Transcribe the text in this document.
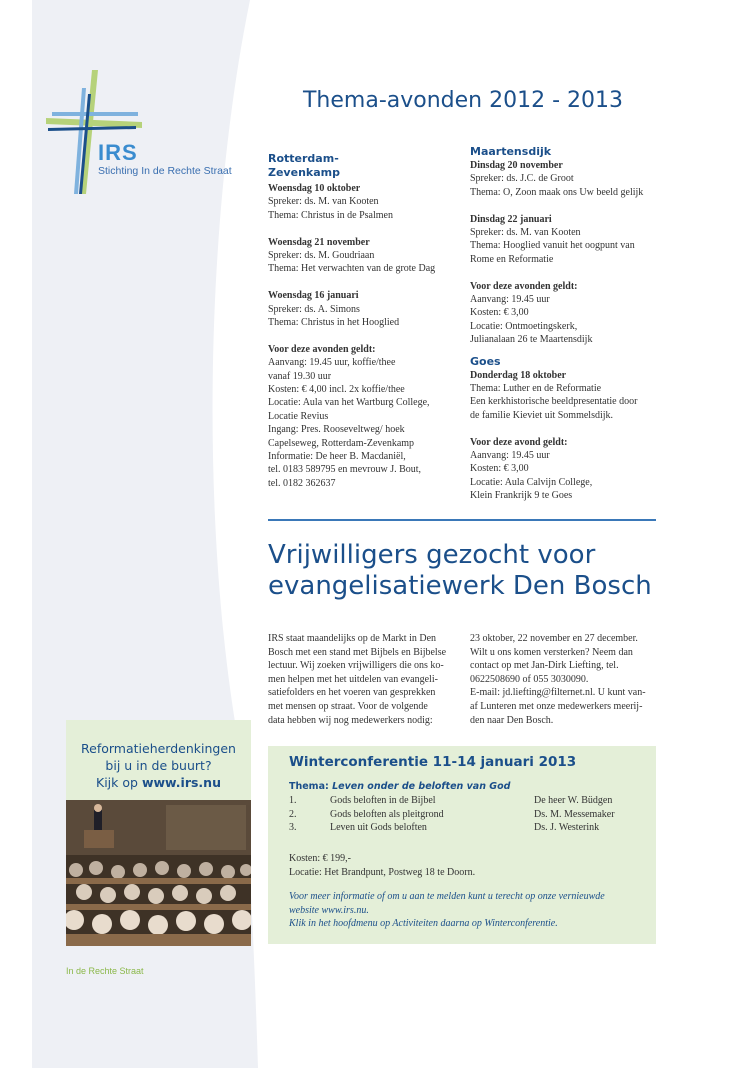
IRS
Stichting In de Rechte Straat
Thema-avonden 2012 - 2013
Rotterdam-
Zevenkamp

Woensdag 10 oktober

Spreker: ds. M. van Kooten

Thema: Christus in de Psalmen

Woensdag 21 november

Spreker: ds. M. Goudriaan

Thema: Het verwachten van de grote Dag

Woensdag 16 januari

Spreker: ds. A. Simons

Thema: Christus in het Hooglied

Voor deze avonden geldt:

Aanvang: 19.45 uur, koffie/thee

vanaf 19.30 uur

Kosten: € 4,00 incl. 2x koffie/thee

Locatie: Aula van het Wartburg College,

Locatie Revius

Ingang: Pres. Rooseveltweg/ hoek

Capelseweg, Rotterdam-Zevenkamp

Informatie: De heer B. Macdaniël,

tel. 0183 589795 en mevrouw J. Bout,

tel. 0182 362637

Maartensdijk

Dinsdag 20 november

Spreker: ds. J.C. de Groot

Thema: O, Zoon maak ons Uw beeld gelijk

Dinsdag 22 januari

Spreker: ds. M. van Kooten

Thema: Hooglied vanuit het oogpunt van

Rome en Reformatie

Voor deze avonden geldt:

Aanvang: 19.45 uur

Kosten: € 3,00

Locatie: Ontmoetingskerk,

Julianalaan 26 te Maartensdijk

Goes

Donderdag 18 oktober

Thema: Luther en de Reformatie

Een kerkhistorische beeldpresentatie door

de familie Kieviet uit Sommelsdijk.

Voor deze avond geldt:

Aanvang: 19.45 uur

Kosten: € 3,00

Locatie: Aula Calvijn College,

Klein Frankrijk 9 te Goes

Vrijwilligers gezocht voor
evangelisatiewerk Den Bosch
IRS staat maandelijks op de Markt in Den
Bosch met een stand met Bijbels en Bijbelse
lectuur. Wij zoeken vrijwilligers die ons ko-
men helpen met het uitdelen van evangeli-
satiefolders en het voeren van gesprekken
met mensen op straat. Voor de volgende
data hebben wij nog medewerkers nodig:
23 oktober, 22 november en 27 december.
Wilt u ons komen versterken? Neem dan
contact op met Jan-Dirk Liefting, tel.
0622508690 of 055 3030090.
E-mail: jd.liefting@filternet.nl. U kunt van-
af Lunteren met onze medewerkers meerij-
den naar Den Bosch.
Reformatieherdenkingen
bij u in de buurt?
Kijk op www.irs.nu
Winterconferentie 11-14 januari 2013
Thema: Leven onder de beloften van God
1.	Gods beloften in de Bijbel	De heer W. Büdgen
2.	Gods beloften als pleitgrond	Ds. M. Messemaker
3.	Leven uit Gods beloften	Ds. J. Westerink
Kosten: € 199,-
Locatie: Het Brandpunt, Postweg 18 te Doorn.
Voor meer informatie of om u aan te melden kunt u terecht op onze vernieuwde
website www.irs.nu.
Klik in het hoofdmenu op Activiteiten daarna op Winterconferentie.
In de Rechte Straat
